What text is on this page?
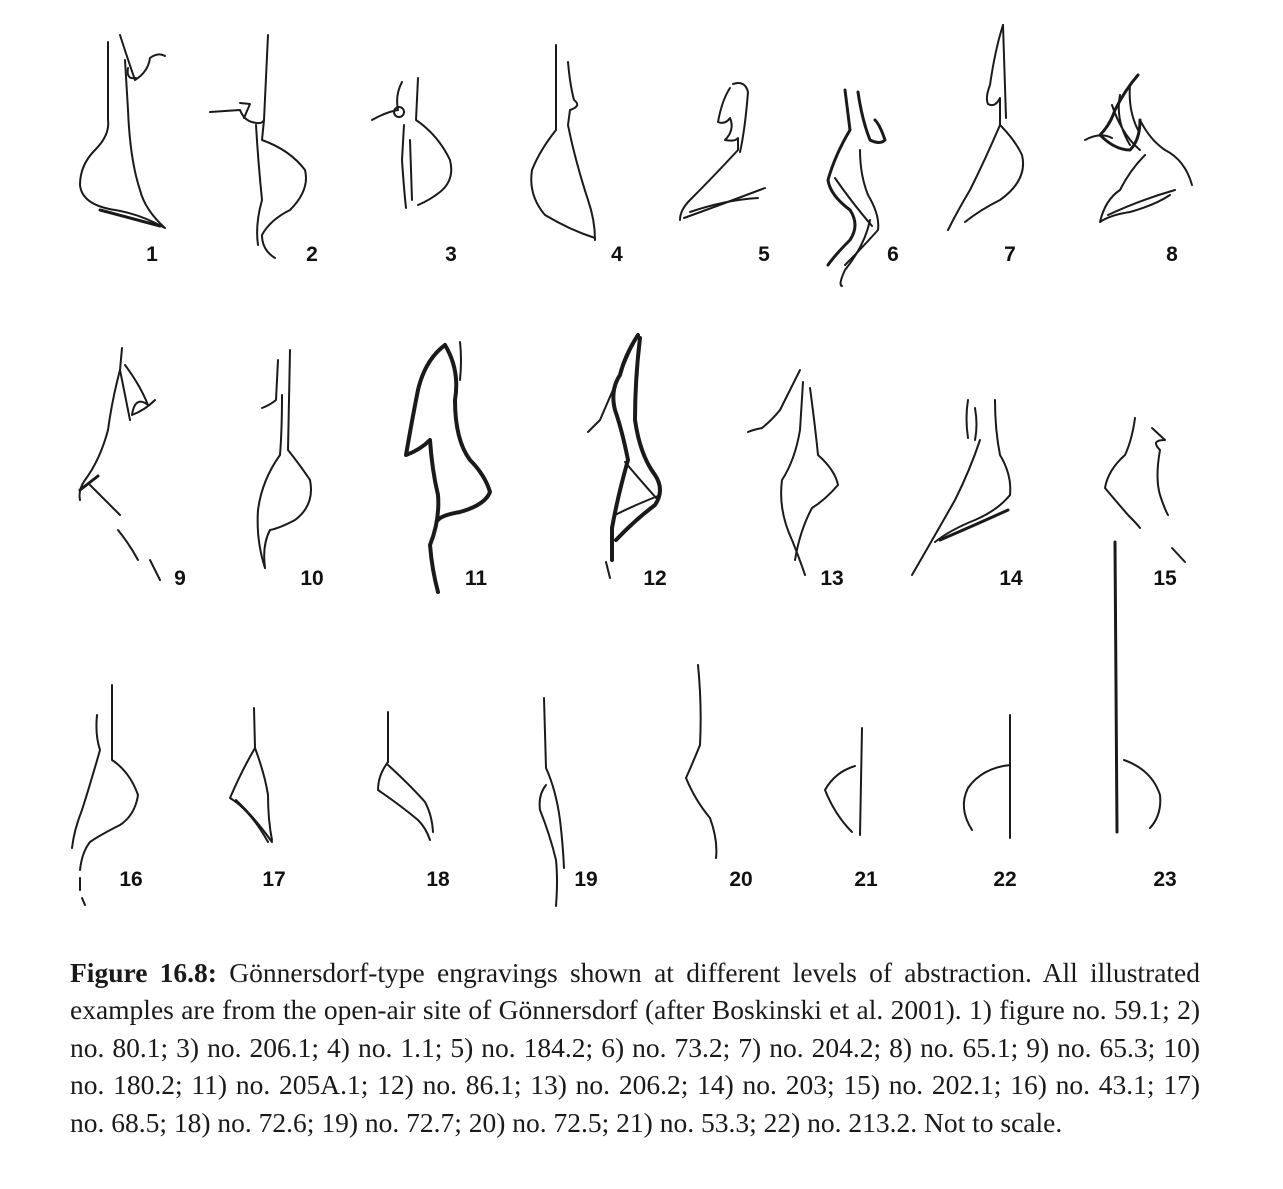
1	2	3	4	5	6	7	8
9	10	11	12	13	14	15
16	17	18	19	20	21	22	23

Figure 16.8: Gönnersdorf-type engravings shown at different levels of abstraction. All illustrated examples are from the open-air site of Gönnersdorf (after Boskinski et al. 2001). 1) figure no. 59.1; 2) no. 80.1; 3) no. 206.1; 4) no. 1.1; 5) no. 184.2; 6) no. 73.2; 7) no. 204.2; 8) no. 65.1; 9) no. 65.3; 10) no. 180.2; 11) no. 205A.1; 12) no. 86.1; 13) no. 206.2; 14) no. 203; 15) no. 202.1; 16) no. 43.1; 17) no. 68.5; 18) no. 72.6; 19) no. 72.7; 20) no. 72.5; 21) no. 53.3; 22) no. 213.2. Not to scale.
